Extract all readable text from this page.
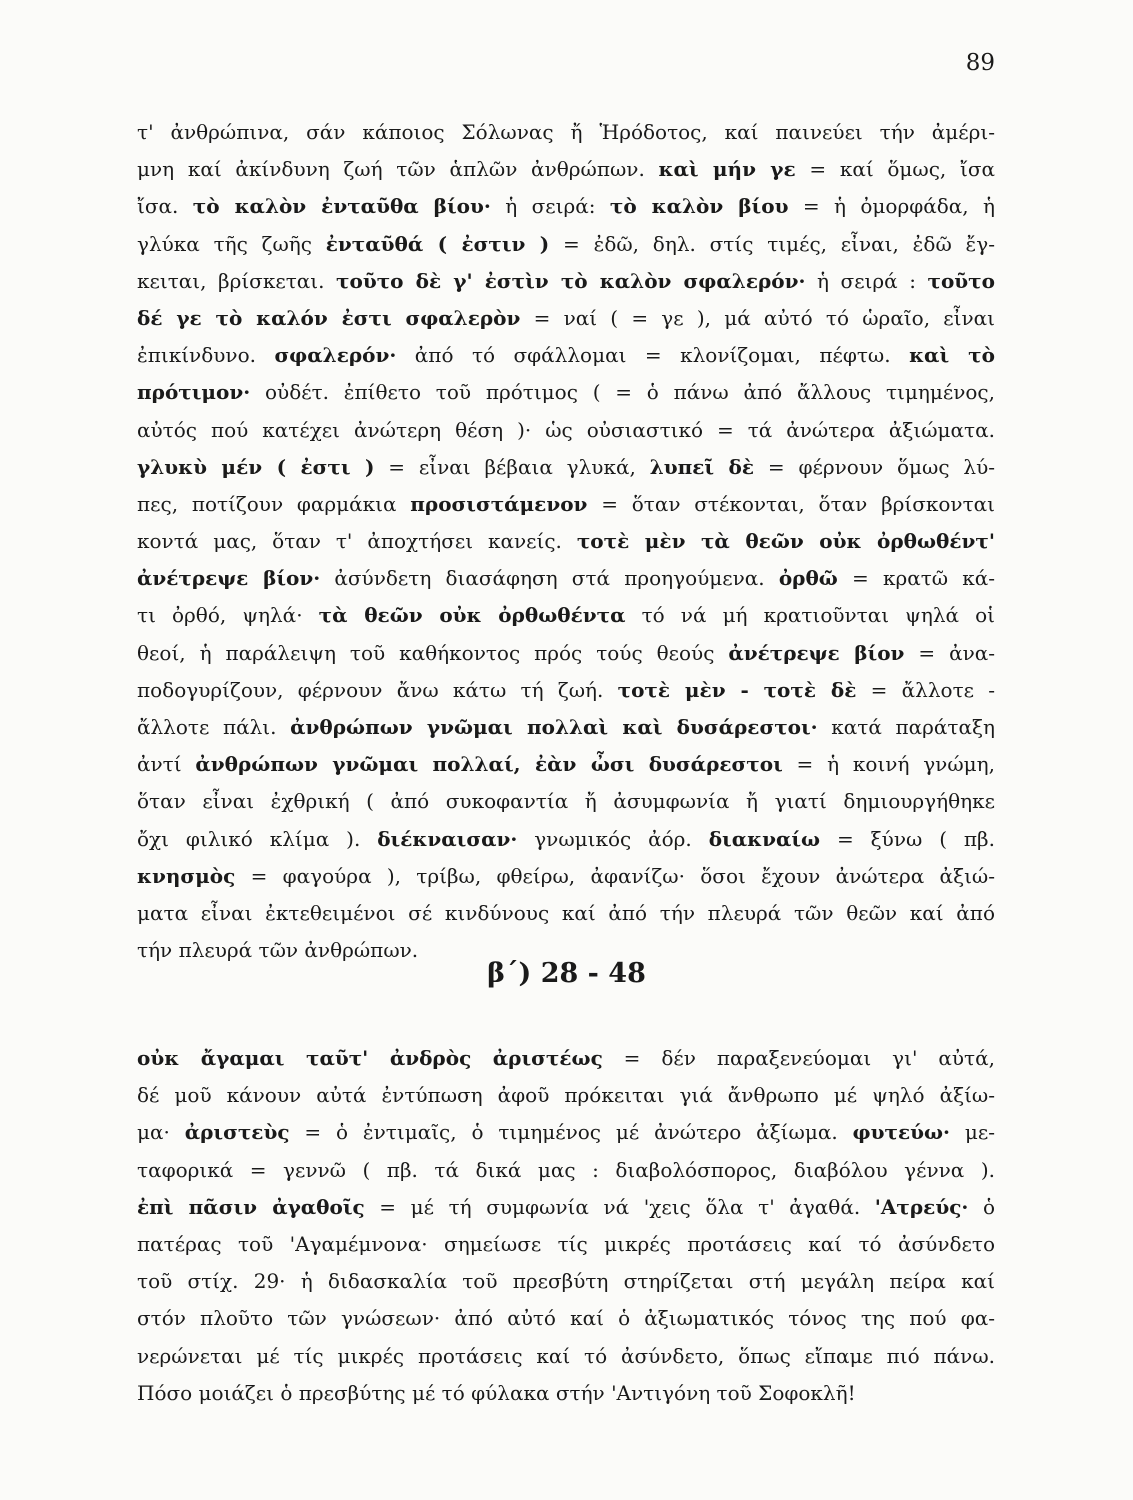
89
τ' ἀνθρώπινα, σάν κάποιος Σόλωνας ἤ Ἡρόδοτος, καί παινεύει τήν ἀμέρι-
μνη καί ἀκίνδυνη ζωή τῶν ἁπλῶν ἀνθρώπων. καὶ μήν γε = καί ὅμως, ἴσα
ἴσα. τὸ καλὸν ἐνταῦθα βίου· ἡ σειρά: τὸ καλὸν βίου = ἡ ὀμορφάδα, ἡ
γλύκα τῆς ζωῆς ἐνταῦθά ( ἐστιν ) = ἐδῶ, δηλ. στίς τιμές, εἶναι, ἐδῶ ἔγ-
κειται, βρίσκεται. τοῦτο δὲ γ' ἐστὶν τὸ καλὸν σφαλερόν· ἡ σειρά : τοῦτο
δέ γε τὸ καλόν ἐστι σφαλερὸν = ναί ( = γε ), μά αὐτό τό ὡραῖο, εἶναι
ἐπικίνδυνο. σφαλερόν· ἀπό τό σφάλλομαι = κλονίζομαι, πέφτω. καὶ τὸ
πρότιμον· οὐδέτ. ἐπίθετο τοῦ πρότιμος ( = ὁ πάνω ἀπό ἄλλους τιμημένος,
αὐτός πού κατέχει ἀνώτερη θέση )· ὡς οὐσιαστικό = τά ἀνώτερα ἀξιώματα.
γλυκὺ μέν ( ἐστι ) = εἶναι βέβαια γλυκά, λυπεῖ δὲ = φέρνουν ὅμως λύ-
πες, ποτίζουν φαρμάκια προσιστάμενον = ὅταν στέκονται, ὅταν βρίσκονται
κοντά μας, ὅταν τ' ἀποχτήσει κανείς. τοτὲ μὲν τὰ θεῶν οὐκ ὀρθωθέντ'
ἀνέτρεψε βίον· ἀσύνδετη διασάφηση στά προηγούμενα. ὀρθῶ = κρατῶ κά-
τι ὀρθό, ψηλά· τὰ θεῶν οὐκ ὀρθωθέντα τό νά μή κρατιοῦνται ψηλά οἱ
θεοί, ἡ παράλειψη τοῦ καθήκοντος πρός τούς θεούς ἀνέτρεψε βίον = ἀνα-
ποδογυρίζουν, φέρνουν ἄνω κάτω τή ζωή. τοτὲ μὲν - τοτὲ δὲ = ἄλλοτε -
ἄλλοτε πάλι. ἀνθρώπων γνῶμαι πολλαὶ καὶ δυσάρεστοι· κατά παράταξη
ἀντί ἀνθρώπων γνῶμαι πολλαί, ἐὰν ὦσι δυσάρεστοι = ἡ κοινή γνώμη,
ὅταν εἶναι ἐχθρική ( ἀπό συκοφαντία ἤ ἀσυμφωνία ἤ γιατί δημιουργήθηκε
ὄχι φιλικό κλίμα ). διέκναισαν· γνωμικός ἀόρ. διακναίω = ξύνω ( πβ.
κνησμὸς = φαγούρα ), τρίβω, φθείρω, ἀφανίζω· ὅσοι ἔχουν ἀνώτερα ἀξιώ-
ματα εἶναι ἐκτεθειμένοι σέ κινδύνους καί ἀπό τήν πλευρά τῶν θεῶν καί ἀπό
τήν πλευρά τῶν ἀνθρώπων.
β΄) 28 - 48
οὐκ ἄγαμαι ταῦτ' ἀνδρὸς ἀριστέως = δέν παραξενεύομαι γι' αὐτά,
δέ μοῦ κάνουν αὐτά ἐντύπωση ἀφοῦ πρόκειται γιά ἄνθρωπο μέ ψηλό ἀξίω-
μα· ἀριστεὺς = ὁ ἐντιμαῖς, ὁ τιμημένος μέ ἀνώτερο ἀξίωμα. φυτεύω· με-
ταφορικά = γεννῶ ( πβ. τά δικά μας : διαβολόσπορος, διαβόλου γέννα ).
ἐπὶ πᾶσιν ἀγαθοῖς = μέ τή συμφωνία νά 'χεις ὅλα τ' ἀγαθά. 'Ατρεύς· ὁ
πατέρας τοῦ 'Αγαμέμνονα· σημείωσε τίς μικρές προτάσεις καί τό ἀσύνδετο
τοῦ στίχ. 29· ἡ διδασκαλία τοῦ πρεσβύτη στηρίζεται στή μεγάλη πείρα καί
στόν πλοῦτο τῶν γνώσεων· ἀπό αὐτό καί ὁ ἀξιωματικός τόνος της πού φα-
νερώνεται μέ τίς μικρές προτάσεις καί τό ἀσύνδετο, ὅπως εἴπαμε πιό πάνω.
Πόσο μοιάζει ὁ πρεσβύτης μέ τό φύλακα στήν 'Αντιγόνη τοῦ Σοφοκλῆ!
